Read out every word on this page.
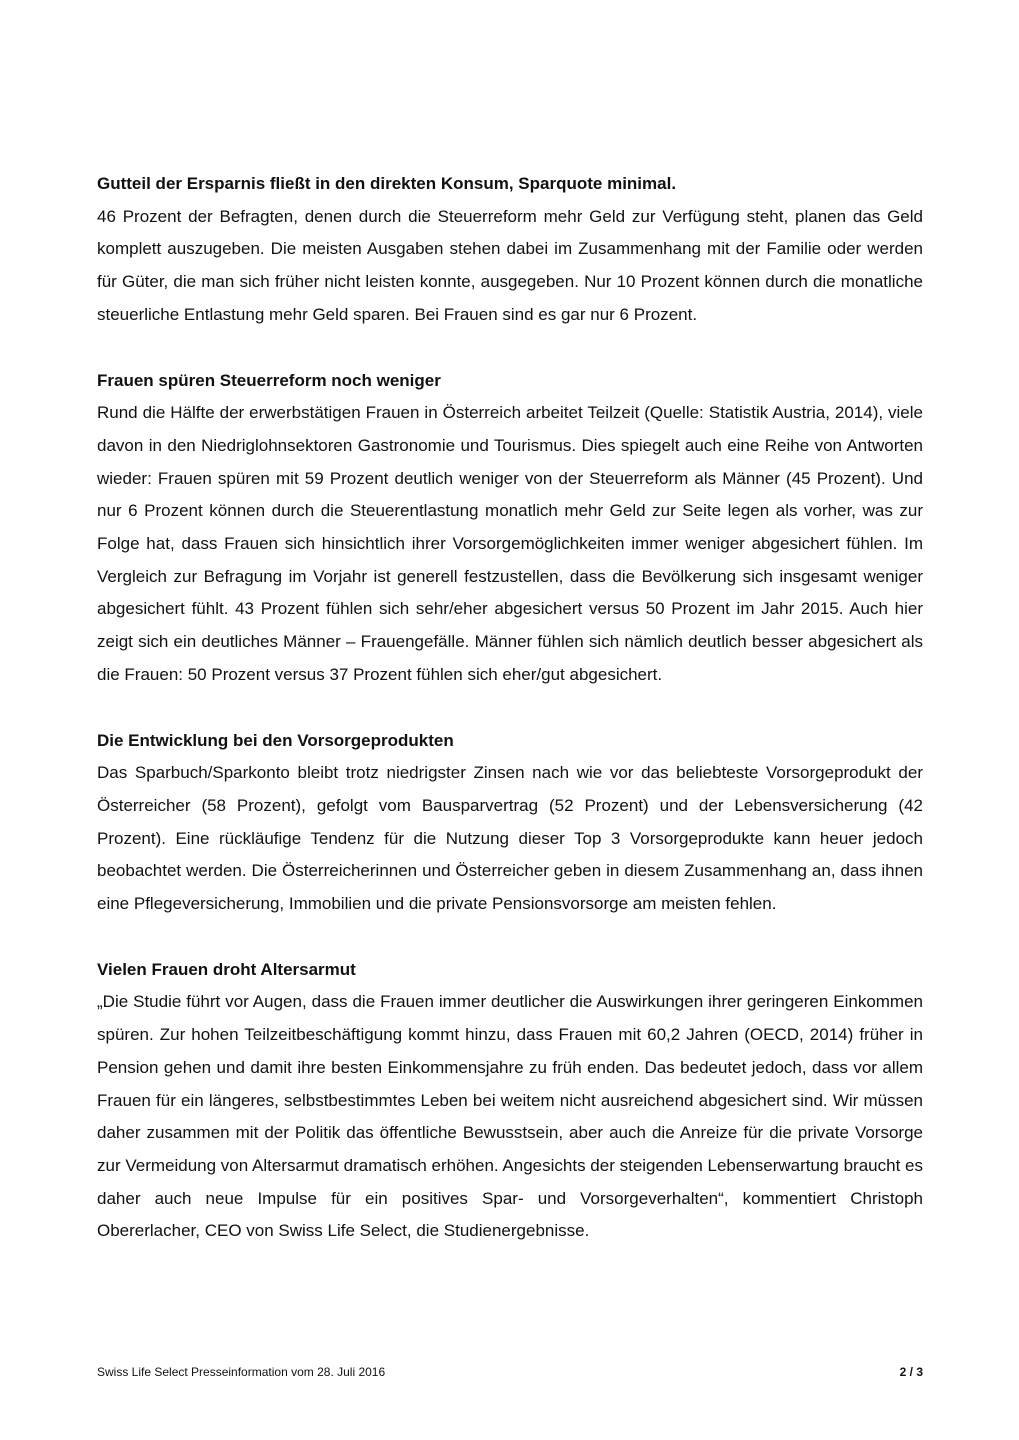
Gutteil der Ersparnis fließt in den direkten Konsum, Sparquote minimal.

46 Prozent der Befragten, denen durch die Steuerreform mehr Geld zur Verfügung steht, planen das Geld komplett auszugeben. Die meisten Ausgaben stehen dabei im Zusammenhang mit der Familie oder werden für Güter, die man sich früher nicht leisten konnte, ausgegeben. Nur 10 Prozent können durch die monatliche steuerliche Entlastung mehr Geld sparen. Bei Frauen sind es gar nur 6 Prozent.

Frauen spüren Steuerreform noch weniger

Rund die Hälfte der erwerbstätigen Frauen in Österreich arbeitet Teilzeit (Quelle: Statistik Austria, 2014), viele davon in den Niedriglohnsektoren Gastronomie und Tourismus. Dies spiegelt auch eine Reihe von Antworten wieder: Frauen spüren mit 59 Prozent deutlich weniger von der Steuerreform als Männer (45 Prozent). Und nur 6 Prozent können durch die Steuerentlastung monatlich mehr Geld zur Seite legen als vorher, was zur Folge hat, dass Frauen sich hinsichtlich ihrer Vorsorgemöglichkeiten immer weniger abgesichert fühlen. Im Vergleich zur Befragung im Vorjahr ist generell festzustellen, dass die Bevölkerung sich insgesamt weniger abgesichert fühlt. 43 Prozent fühlen sich sehr/eher abgesichert versus 50 Prozent im Jahr 2015. Auch hier zeigt sich ein deutliches Männer – Frauengefälle. Männer fühlen sich nämlich deutlich besser abgesichert als die Frauen: 50 Prozent versus 37 Prozent fühlen sich eher/gut abgesichert.

Die Entwicklung bei den Vorsorgeprodukten

Das Sparbuch/Sparkonto bleibt trotz niedrigster Zinsen nach wie vor das beliebteste Vorsorgeprodukt der Österreicher (58 Prozent), gefolgt vom Bausparvertrag (52 Prozent) und der Lebensversicherung (42 Prozent). Eine rückläufige Tendenz für die Nutzung dieser Top 3 Vorsorgeprodukte kann heuer jedoch beobachtet werden. Die Österreicherinnen und Österreicher geben in diesem Zusammenhang an, dass ihnen eine Pflegeversicherung, Immobilien und die private Pensionsvorsorge am meisten fehlen.

Vielen Frauen droht Altersarmut

„Die Studie führt vor Augen, dass die Frauen immer deutlicher die Auswirkungen ihrer geringeren Einkommen spüren. Zur hohen Teilzeitbeschäftigung kommt hinzu, dass Frauen mit 60,2 Jahren (OECD, 2014) früher in Pension gehen und damit ihre besten Einkommensjahre zu früh enden. Das bedeutet jedoch, dass vor allem Frauen für ein längeres, selbstbestimmtes Leben bei weitem nicht ausreichend abgesichert sind. Wir müssen daher zusammen mit der Politik das öffentliche Bewusstsein, aber auch die Anreize für die private Vorsorge zur Vermeidung von Altersarmut dramatisch erhöhen. Angesichts der steigenden Lebenserwartung braucht es daher auch neue Impulse für ein positives Spar- und Vorsorgeverhalten“, kommentiert Christoph Obererlacher, CEO von Swiss Life Select, die Studienergebnisse.

Swiss Life Select Presseinformation vom 28. Juli 2016	2 / 3
